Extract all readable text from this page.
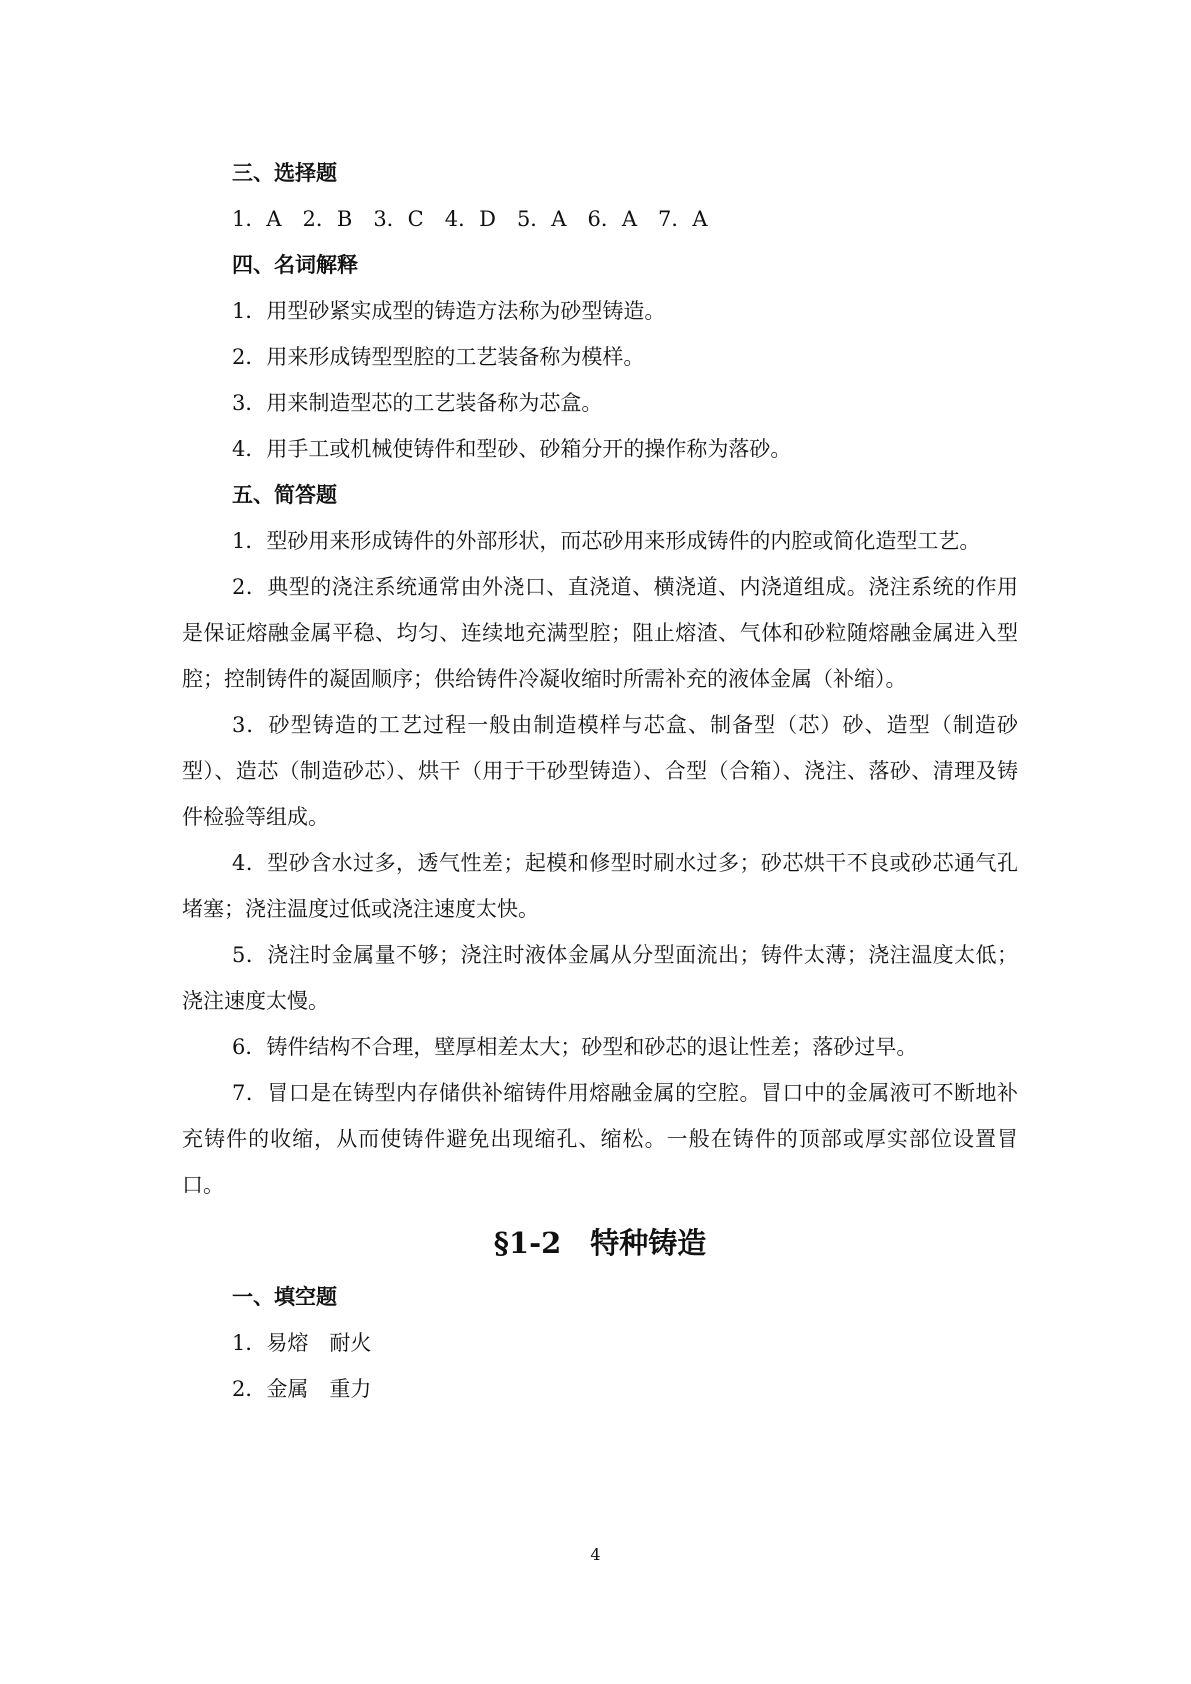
三、选择题
1．A　2．B　3．C　4．D　5．A　6．A　7．A
四、名词解释
1．用型砂紧实成型的铸造方法称为砂型铸造。
2．用来形成铸型型腔的工艺装备称为模样。
3．用来制造型芯的工艺装备称为芯盒。
4．用手工或机械使铸件和型砂、砂箱分开的操作称为落砂。
五、简答题
1．型砂用来形成铸件的外部形状，而芯砂用来形成铸件的内腔或简化造型工艺。
2．典型的浇注系统通常由外浇口、直浇道、横浇道、内浇道组成。浇注系统的作用是保证熔融金属平稳、均匀、连续地充满型腔；阻止熔渣、气体和砂粒随熔融金属进入型腔；控制铸件的凝固顺序；供给铸件冷凝收缩时所需补充的液体金属（补缩）。
3．砂型铸造的工艺过程一般由制造模样与芯盒、制备型（芯）砂、造型（制造砂型）、造芯（制造砂芯）、烘干（用于干砂型铸造）、合型（合箱）、浇注、落砂、清理及铸件检验等组成。
4．型砂含水过多，透气性差；起模和修型时刷水过多；砂芯烘干不良或砂芯通气孔堵塞；浇注温度过低或浇注速度太快。
5．浇注时金属量不够；浇注时液体金属从分型面流出；铸件太薄；浇注温度太低；浇注速度太慢。
6．铸件结构不合理，壁厚相差太大；砂型和砂芯的退让性差；落砂过早。
7．冒口是在铸型内存储供补缩铸件用熔融金属的空腔。冒口中的金属液可不断地补充铸件的收缩，从而使铸件避免出现缩孔、缩松。一般在铸件的顶部或厚实部位设置冒口。
§1-2　特种铸造
一、填空题
1．易熔　耐火
2．金属　重力
4
